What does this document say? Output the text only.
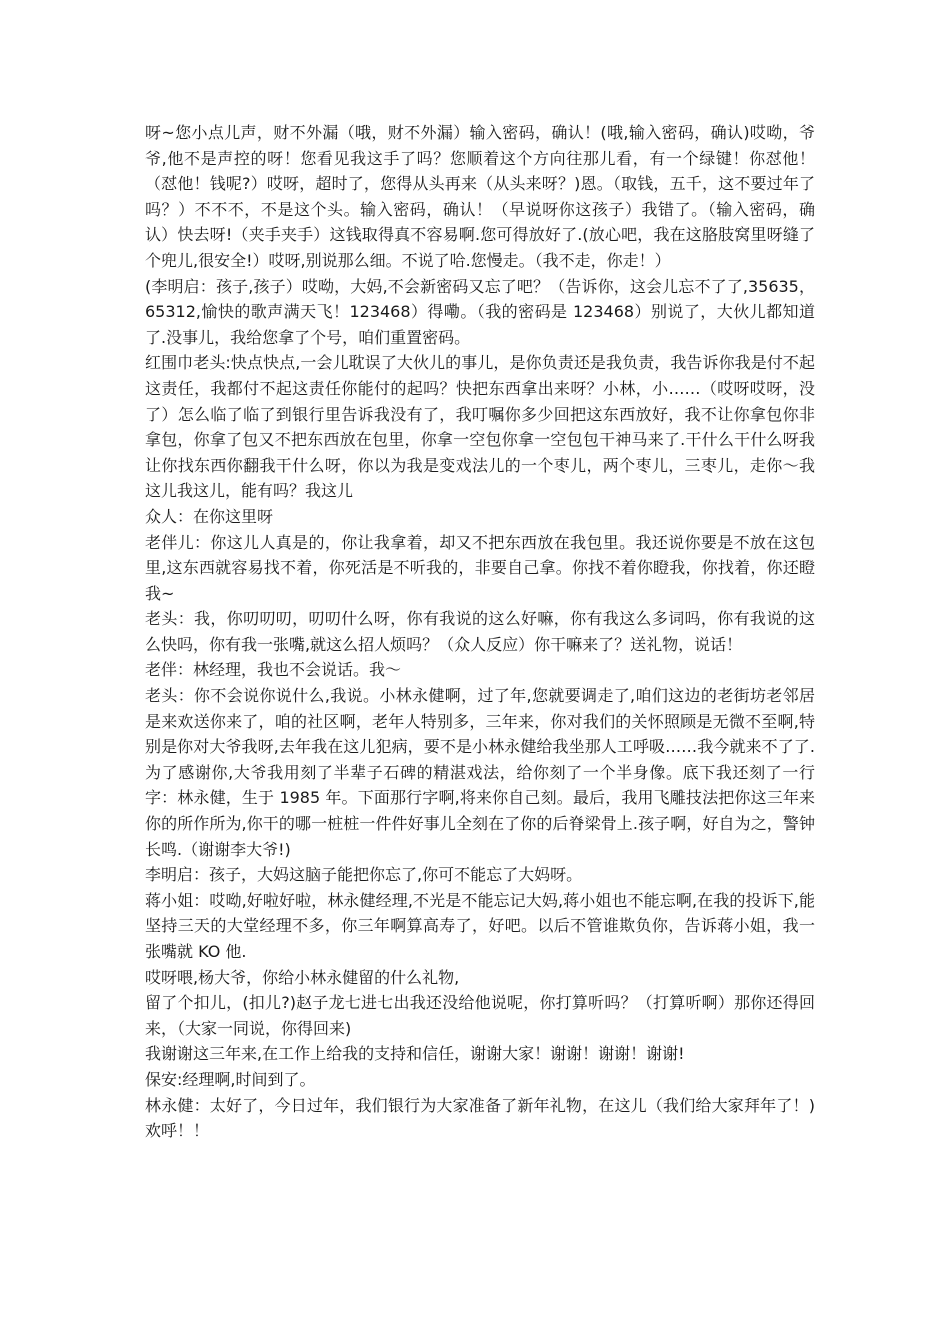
呀~您小点儿声，财不外漏（哦，财不外漏）输入密码，确认！(哦,输入密码，确认)哎呦，爷爷,他不是声控的呀！您看见我这手了吗？您顺着这个方向往那儿看，有一个绿键！你怼他！（怼他！钱呢?）哎呀，超时了，您得从头再来（从头来呀？)恩。（取钱，五千，这不要过年了吗？）不不不，不是这个头。输入密码，确认！（早说呀你这孩子）我错了。（输入密码，确认）快去呀!（夹手夹手）这钱取得真不容易啊.您可得放好了.(放心吧，我在这胳肢窝里呀缝了个兜儿,很安全!）哎呀,别说那么细。不说了哈.您慢走。（我不走，你走！）

(李明启：孩子,孩子）哎呦，大妈,不会新密码又忘了吧？（告诉你，这会儿忘不了了,35635，65312,愉快的歌声满天飞！123468）得嘞。（我的密码是 123468）别说了，大伙儿都知道了.没事儿，我给您拿了个号，咱们重置密码。

红围巾老头:快点快点,一会儿耽误了大伙儿的事儿，是你负责还是我负责，我告诉你我是付不起这责任，我都付不起这责任你能付的起吗？快把东西拿出来呀？小林，小……（哎呀哎呀，没了）怎么临了临了到银行里告诉我没有了，我叮嘱你多少回把这东西放好，我不让你拿包你非拿包，你拿了包又不把东西放在包里，你拿一空包你拿一空包包干神马来了.干什么干什么呀我让你找东西你翻我干什么呀，你以为我是变戏法儿的一个枣儿，两个枣儿，三枣儿，走你～我这儿我这儿，能有吗？我这儿

众人：在你这里呀

老伴儿：你这儿人真是的，你让我拿着，却又不把东西放在我包里。我还说你要是不放在这包里,这东西就容易找不着，你死活是不听我的，非要自己拿。你找不着你瞪我，你找着，你还瞪我~

老头：我，你叨叨叨，叨叨什么呀，你有我说的这么好嘛，你有我这么多词吗，你有我说的这么快吗，你有我一张嘴,就这么招人烦吗？（众人反应）你干嘛来了？送礼物，说话！

老伴：林经理，我也不会说话。我～

老头：你不会说你说什么,我说。小林永健啊，过了年,您就要调走了,咱们这边的老街坊老邻居是来欢送你来了，咱的社区啊，老年人特别多，三年来，你对我们的关怀照顾是无微不至啊,特别是你对大爷我呀,去年我在这儿犯病，要不是小林永健给我坐那人工呼吸……我今就来不了了.为了感谢你,大爷我用刻了半辈子石碑的精湛戏法，给你刻了一个半身像。底下我还刻了一行字：林永健，生于 1985 年。下面那行字啊,将来你自己刻。最后，我用飞雕技法把你这三年来你的所作所为,你干的哪一桩桩一件件好事儿全刻在了你的后脊梁骨上.孩子啊，好自为之，警钟长鸣.（谢谢李大爷!)

李明启：孩子，大妈这脑子能把你忘了,你可不能忘了大妈呀。

蒋小姐：哎呦,好啦好啦，林永健经理,不光是不能忘记大妈,蒋小姐也不能忘啊,在我的投诉下,能坚持三天的大堂经理不多，你三年啊算高寿了，好吧。以后不管谁欺负你，告诉蒋小姐，我一张嘴就 KO 他.

哎呀喂,杨大爷，你给小林永健留的什么礼物,

留了个扣儿，(扣儿?)赵子龙七进七出我还没给他说呢，你打算听吗？（打算听啊）那你还得回来，（大家一同说，你得回来)

我谢谢这三年来,在工作上给我的支持和信任，谢谢大家！谢谢！谢谢！谢谢!

保安:经理啊,时间到了。

林永健：太好了，今日过年，我们银行为大家准备了新年礼物，在这儿（我们给大家拜年了！)欢呼！！
